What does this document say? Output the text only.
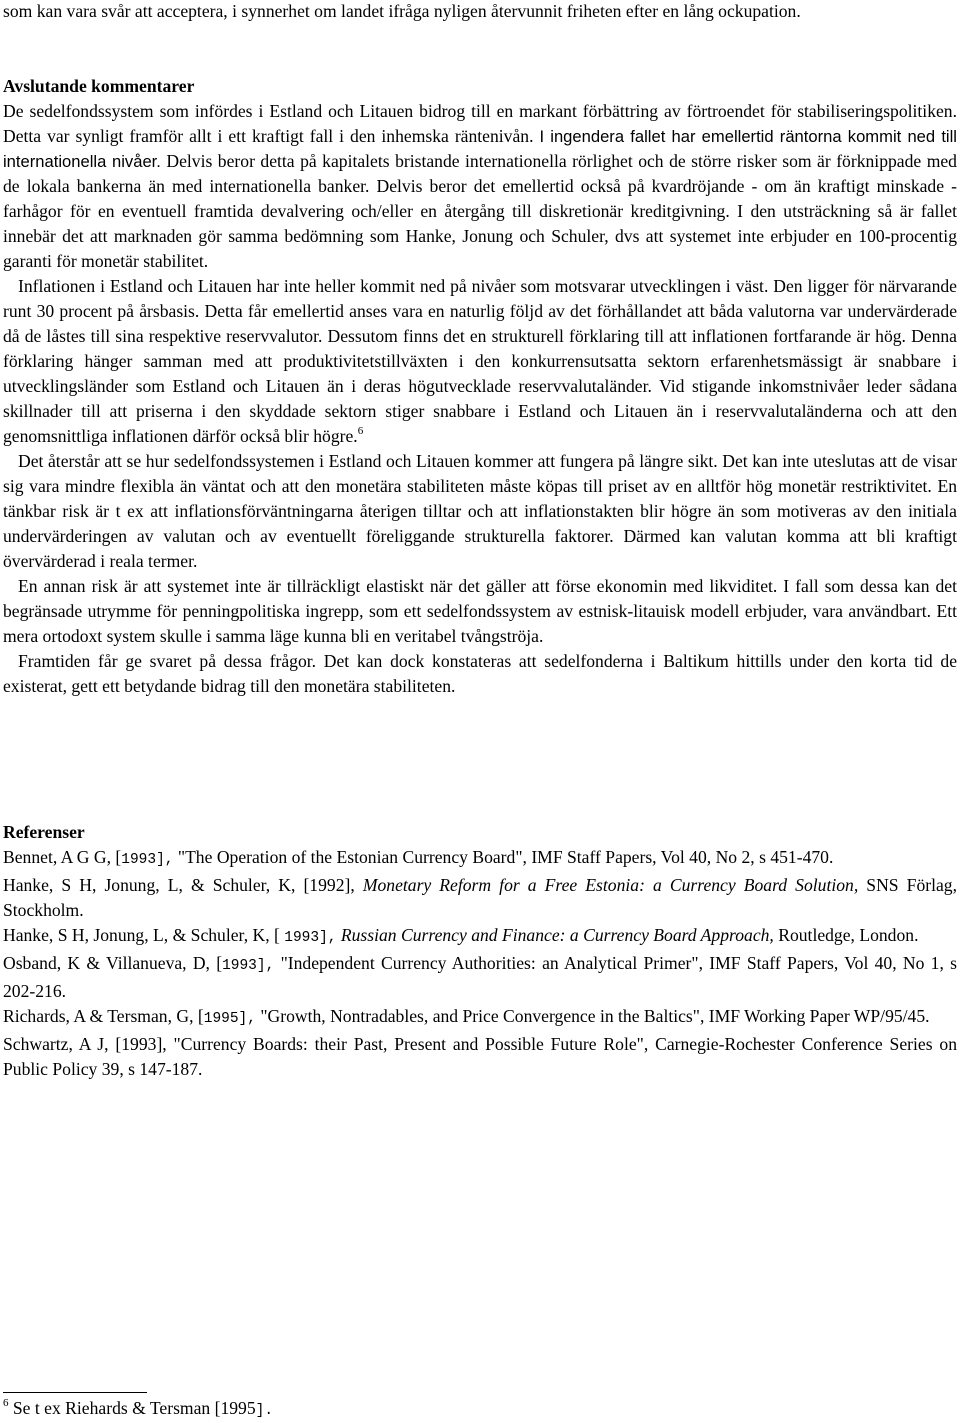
som kan vara svår att acceptera, i synnerhet om landet ifråga nyligen återvunnit friheten efter en lång ockupation.

Avslutande kommentarer

De sedelfondssystem som infördes i Estland och Litauen bidrog till en markant förbättring av förtroendet för stabiliseringspolitiken. Detta var synligt framför allt i ett kraftigt fall i den inhemska räntenivån. I ingendera fallet har emellertid räntorna kommit ned till internationella nivåer. Delvis beror detta på kapitalets bristande internationella rörlighet och de större risker som är förknippade med de lokala bankerna än med internationella banker. Delvis beror det emellertid också på kvardröjande - om än kraftigt minskade - farhågor för en eventuell framtida devalvering och/eller en återgång till diskretionär kreditgivning. I den utsträckning så är fallet innebär det att marknaden gör samma bedömning som Hanke, Jonung och Schuler, dvs att systemet inte erbjuder en 100-procentig garanti för monetär stabilitet.

Inflationen i Estland och Litauen har inte heller kommit ned på nivåer som motsvarar utvecklingen i väst. Den ligger för närvarande runt 30 procent på årsbasis. Detta får emellertid anses vara en naturlig följd av det förhållandet att båda valutorna var undervärderade då de låstes till sina respektive reservvalutor. Dessutom finns det en strukturell förklaring till att inflationen fortfarande är hög. Denna förklaring hänger samman med att produktivitetstillväxten i den konkurrensutsatta sektorn erfarenhetsmässigt är snabbare i utvecklingsländer som Estland och Litauen än i deras högutvecklade reservvalutaländer. Vid stigande inkomstnivåer leder sådana skillnader till att priserna i den skyddade sektorn stiger snabbare i Estland och Litauen än i reservvalutaländerna och att den genomsnittliga inflationen därför också blir högre.$^6$

Det återstår att se hur sedelfondssystemen i Estland och Litauen kommer att fungera på längre sikt. Det kan inte uteslutas att de visar sig vara mindre flexibla än väntat och att den monetära stabiliteten måste köpas till priset av en alltför hög monetär restriktivitet. En tänkbar risk är t ex att inflationsförväntningarna återigen tilltar och att inflationstakten blir högre än som motiveras av den initiala undervärderingen av valutan och av eventuellt föreliggande strukturella faktorer. Därmed kan valutan komma att bli kraftigt övervärderad i reala termer.

En annan risk är att systemet inte är tillräckligt elastiskt när det gäller att förse ekonomin med likviditet. I fall som dessa kan det begränsade utrymme för penningpolitiska ingrepp, som ett sedelfondssystem av estnisk-litauisk modell erbjuder, vara användbart. Ett mera ortodoxt system skulle i samma läge kunna bli en veritabel tvångströja.

Framtiden får ge svaret på dessa frågor. Det kan dock konstateras att sedelfonderna i Baltikum hittills under den korta tid de existerat, gett ett betydande bidrag till den monetära stabiliteten.

Referenser

Bennet, A G G, [1993], "The Operation of the Estonian Currency Board", IMF Staff Papers, Vol 40, No 2, s 451-470.

Hanke, S H, Jonung, L, & Schuler, K, [1992], Monetary Reform for a Free Estonia: a Currency Board Solution, SNS Förlag, Stockholm.

Hanke, S H, Jonung, L, & Schuler, K, [ 1993], Russian Currency and Finance: a Currency Board Approach, Routledge, London.

Osband, K & Villanueva, D, [1993], "Independent Currency Authorities: an Analytical Primer", IMF Staff Papers, Vol 40, No 1, s 202-216.

Richards, A & Tersman, G, [1995], "Growth, Nontradables, and Price Convergence in the Baltics", IMF Working Paper WP/95/45.

Schwartz, A J, [1993], "Currency Boards: their Past, Present and Possible Future Role", Carnegie-Rochester Conference Series on Public Policy 39, s 147-187.

$^6$ Se t ex Riehards & Tersman [1995].
